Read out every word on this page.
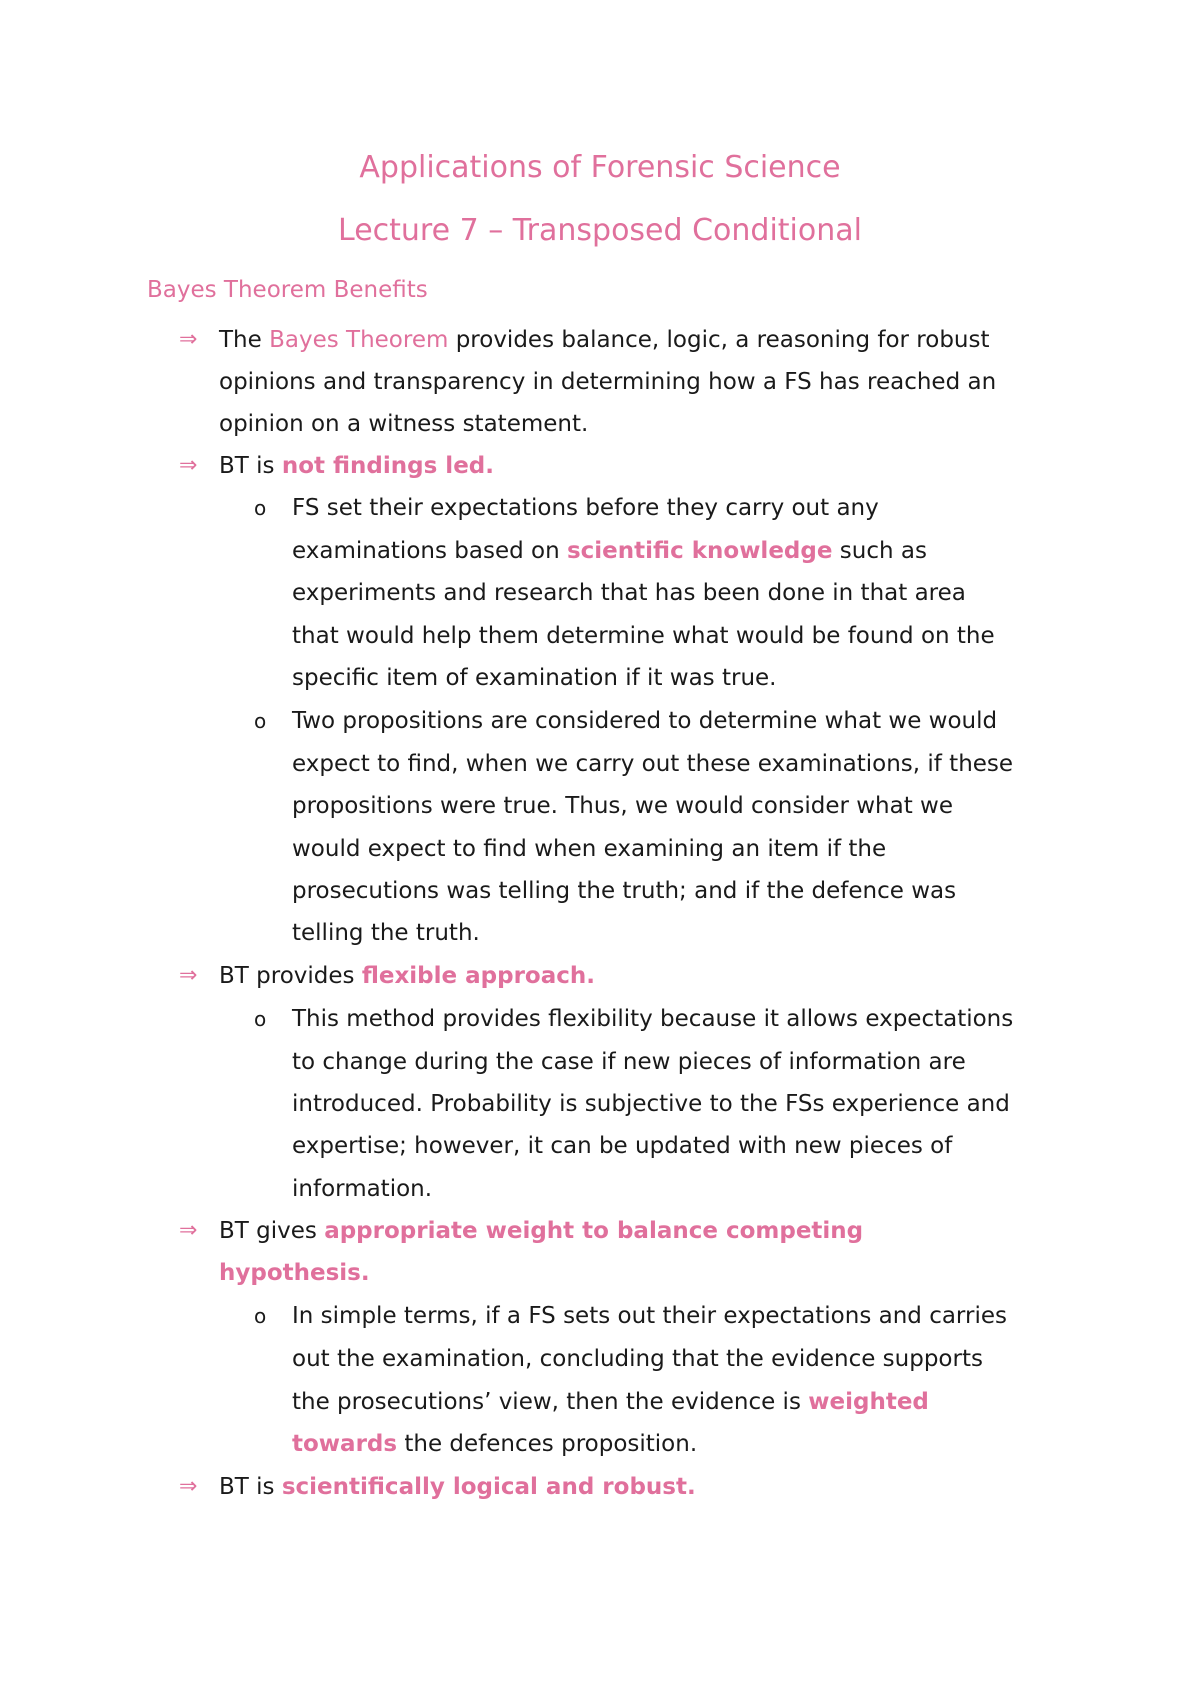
Applications of Forensic Science
Lecture 7 – Transposed Conditional
Bayes Theorem Benefits
⇒ The Bayes Theorem provides balance, logic, a reasoning for robust
opinions and transparency in determining how a FS has reached an
opinion on a witness statement.
⇒ BT is not findings led.
o FS set their expectations before they carry out any
examinations based on scientific knowledge such as
experiments and research that has been done in that area
that would help them determine what would be found on the
specific item of examination if it was true.
o Two propositions are considered to determine what we would
expect to find, when we carry out these examinations, if these
propositions were true. Thus, we would consider what we
would expect to find when examining an item if the
prosecutions was telling the truth; and if the defence was
telling the truth.
⇒ BT provides flexible approach.
o This method provides flexibility because it allows expectations
to change during the case if new pieces of information are
introduced. Probability is subjective to the FSs experience and
expertise; however, it can be updated with new pieces of
information.
⇒ BT gives appropriate weight to balance competing
hypothesis.
o In simple terms, if a FS sets out their expectations and carries
out the examination, concluding that the evidence supports
the prosecutions’ view, then the evidence is weighted
towards the defences proposition.
⇒ BT is scientifically logical and robust.
